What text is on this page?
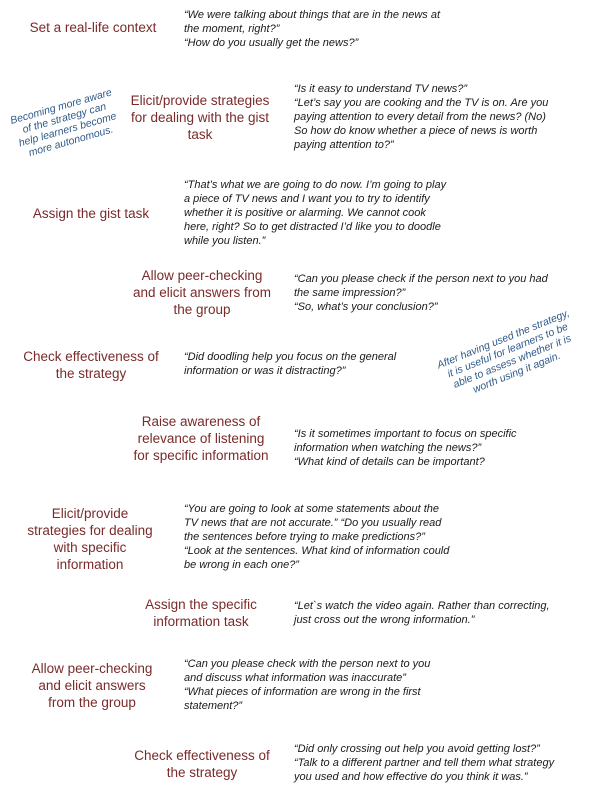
Set a real-life context
“We were talking about things that are in the news at
the moment, right?”
“How do you usually get the news?”
Elicit/provide strategies for dealing with the gist task
“Is it easy to understand TV news?”
“Let’s say you are cooking and the TV is on. Are you
paying attention to every detail from the news? (No)
So how do know whether a piece of news is worth
paying attention to?”
Assign the gist task
“That’s what we are going to do now. I’m going to play
a piece of TV news and I want you to try to identify
whether it is positive or alarming. We cannot cook
here, right? So to get distracted I’d like you to doodle
while you listen.”
Allow peer-checking and elicit answers from the group
“Can you please check if the person next to you had
the same impression?”
“So, what’s your conclusion?”
Check effectiveness of the strategy
“Did doodling help you focus on the general
information or was it distracting?”
Raise awareness of relevance of listening for specific information
“Is it sometimes important to focus on specific
information when watching the news?”
“What kind of details can be important?
Elicit/provide strategies for dealing with specific information
“You are going to look at some statements about the
TV news that are not accurate.” “Do you usually read
the sentences before trying to make predictions?”
“Look at the sentences. What kind of information could
be wrong in each one?”
Assign the specific information task
“Let`s watch the video again. Rather than correcting,
just cross out the wrong information.”
Allow peer-checking and elicit answers from the group
“Can you please check with the person next to you
and discuss what information was inaccurate”
“What pieces of information are wrong in the first
statement?”
Check effectiveness of the strategy
“Did only crossing out help you avoid getting lost?”
“Talk to a different partner and tell them what strategy
you used and how effective do you think it was.”
Becoming more aware
of the strategy can
help learners become
more autonomous.
After having used the strategy,
it is useful for learners to be
able to assess whether it is
worth using it again.
